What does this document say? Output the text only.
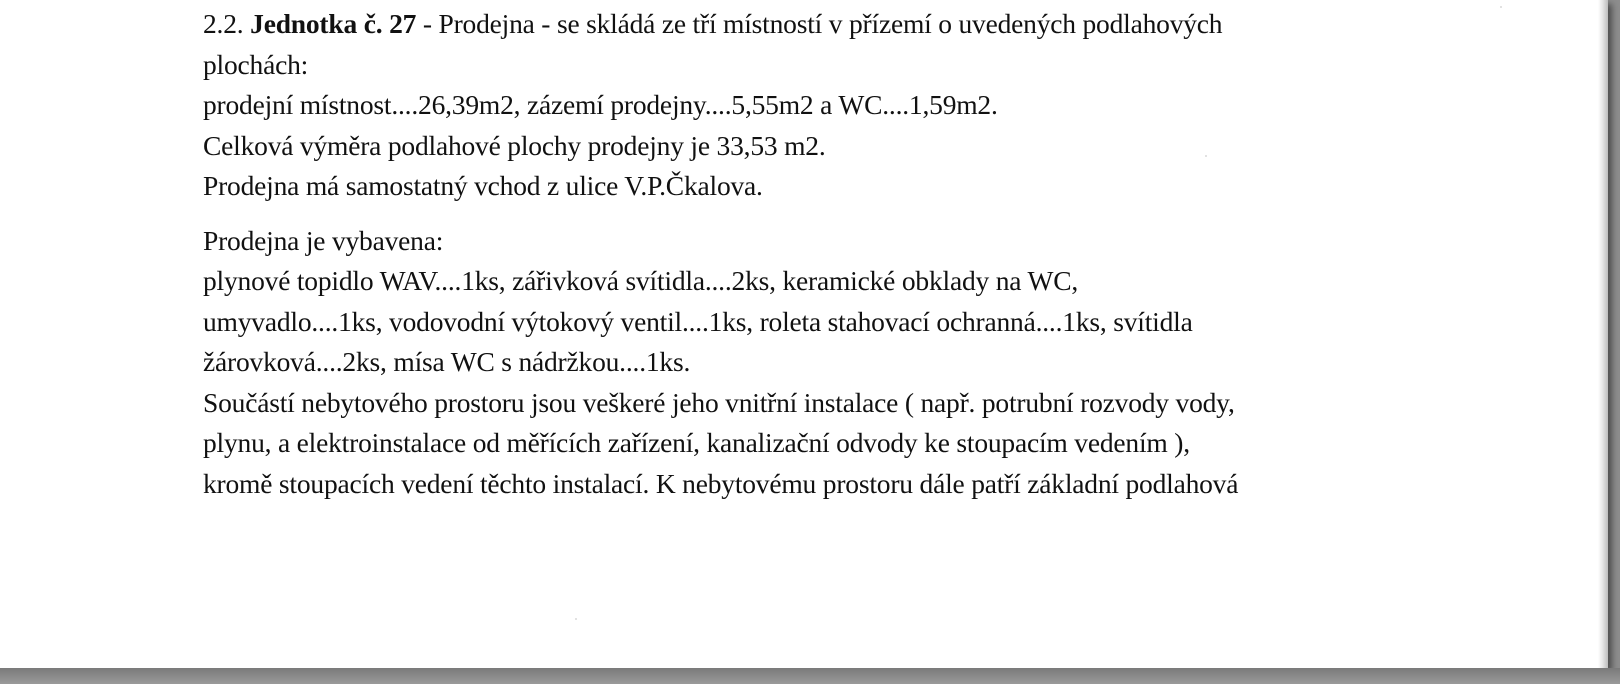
2.2. Jednotka č. 27 - Prodejna - se skládá ze tří místností v přízemí o uvedených podlahových
plochách:
prodejní místnost....26,39m2, zázemí prodejny....5,55m2 a WC....1,59m2.
Celková výměra podlahové plochy prodejny je 33,53 m2.
Prodejna má samostatný vchod z ulice V.P.Čkalova.
Prodejna je vybavena:
plynové topidlo WAV....1ks, zářivková svítidla....2ks, keramické obklady na WC,
umyvadlo....1ks, vodovodní výtokový ventil....1ks, roleta stahovací ochranná....1ks, svítidla
žárovková....2ks, mísa WC s nádržkou....1ks.
Součástí nebytového prostoru jsou veškeré jeho vnitřní instalace ( např. potrubní rozvody vody,
plynu, a elektroinstalace od měřících zařízení, kanalizační odvody ke stoupacím vedením ),
kromě stoupacích vedení těchto instalací. K nebytovému prostoru dále patří základní podlahová
